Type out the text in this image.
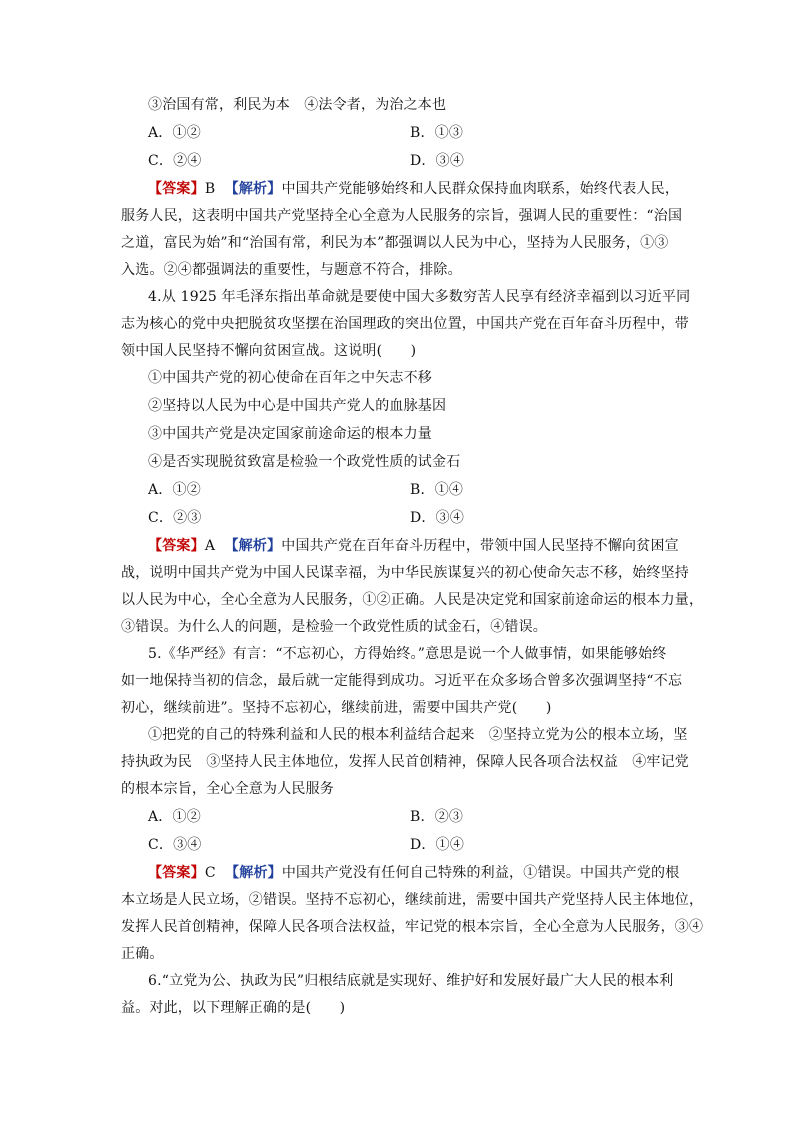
③治国有常，利民为本　④法令者，为治之本也
A．①②	B．①③
C．②④	D．③④
【答案】B 【解析】中国共产党能够始终和人民群众保持血肉联系，始终代表人民，
服务人民，这表明中国共产党坚持全心全意为人民服务的宗旨，强调人民的重要性：“治国
之道，富民为始”和“治国有常，利民为本”都强调以人民为中心，坚持为人民服务，①③
入选。②④都强调法的重要性，与题意不符合，排除。
4.从 1925 年毛泽东指出革命就是要使中国大多数穷苦人民享有经济幸福到以习近平同
志为核心的党中央把脱贫攻坚摆在治国理政的突出位置，中国共产党在百年奋斗历程中，带
领中国人民坚持不懈向贫困宣战。这说明(　　)
①中国共产党的初心使命在百年之中矢志不移
②坚持以人民为中心是中国共产党人的血脉基因
③中国共产党是决定国家前途命运的根本力量
④是否实现脱贫致富是检验一个政党性质的试金石
A．①②	B．①④
C．②③	D．③④
【答案】A 【解析】中国共产党在百年奋斗历程中，带领中国人民坚持不懈向贫困宣
战，说明中国共产党为中国人民谋幸福，为中华民族谋复兴的初心使命矢志不移，始终坚持
以人民为中心，全心全意为人民服务，①②正确。人民是决定党和国家前途命运的根本力量，
③错误。为什么人的问题，是检验一个政党性质的试金石，④错误。
5.《华严经》有言：“不忘初心，方得始终。”意思是说一个人做事情，如果能够始终
如一地保持当初的信念，最后就一定能得到成功。习近平在众多场合曾多次强调坚持“不忘
初心，继续前进”。坚持不忘初心，继续前进，需要中国共产党(　　)
①把党的自己的特殊利益和人民的根本利益结合起来　②坚持立党为公的根本立场，坚
持执政为民　③坚持人民主体地位，发挥人民首创精神，保障人民各项合法权益　④牢记党
的根本宗旨，全心全意为人民服务
A．①②	B．②③
C．③④	D．①④
【答案】C 【解析】中国共产党没有任何自己特殊的利益，①错误。中国共产党的根
本立场是人民立场，②错误。坚持不忘初心，继续前进，需要中国共产党坚持人民主体地位，
发挥人民首创精神，保障人民各项合法权益，牢记党的根本宗旨，全心全意为人民服务，③④
正确。
6.“立党为公、执政为民”归根结底就是实现好、维护好和发展好最广大人民的根本利
益。对此，以下理解正确的是(　　)
